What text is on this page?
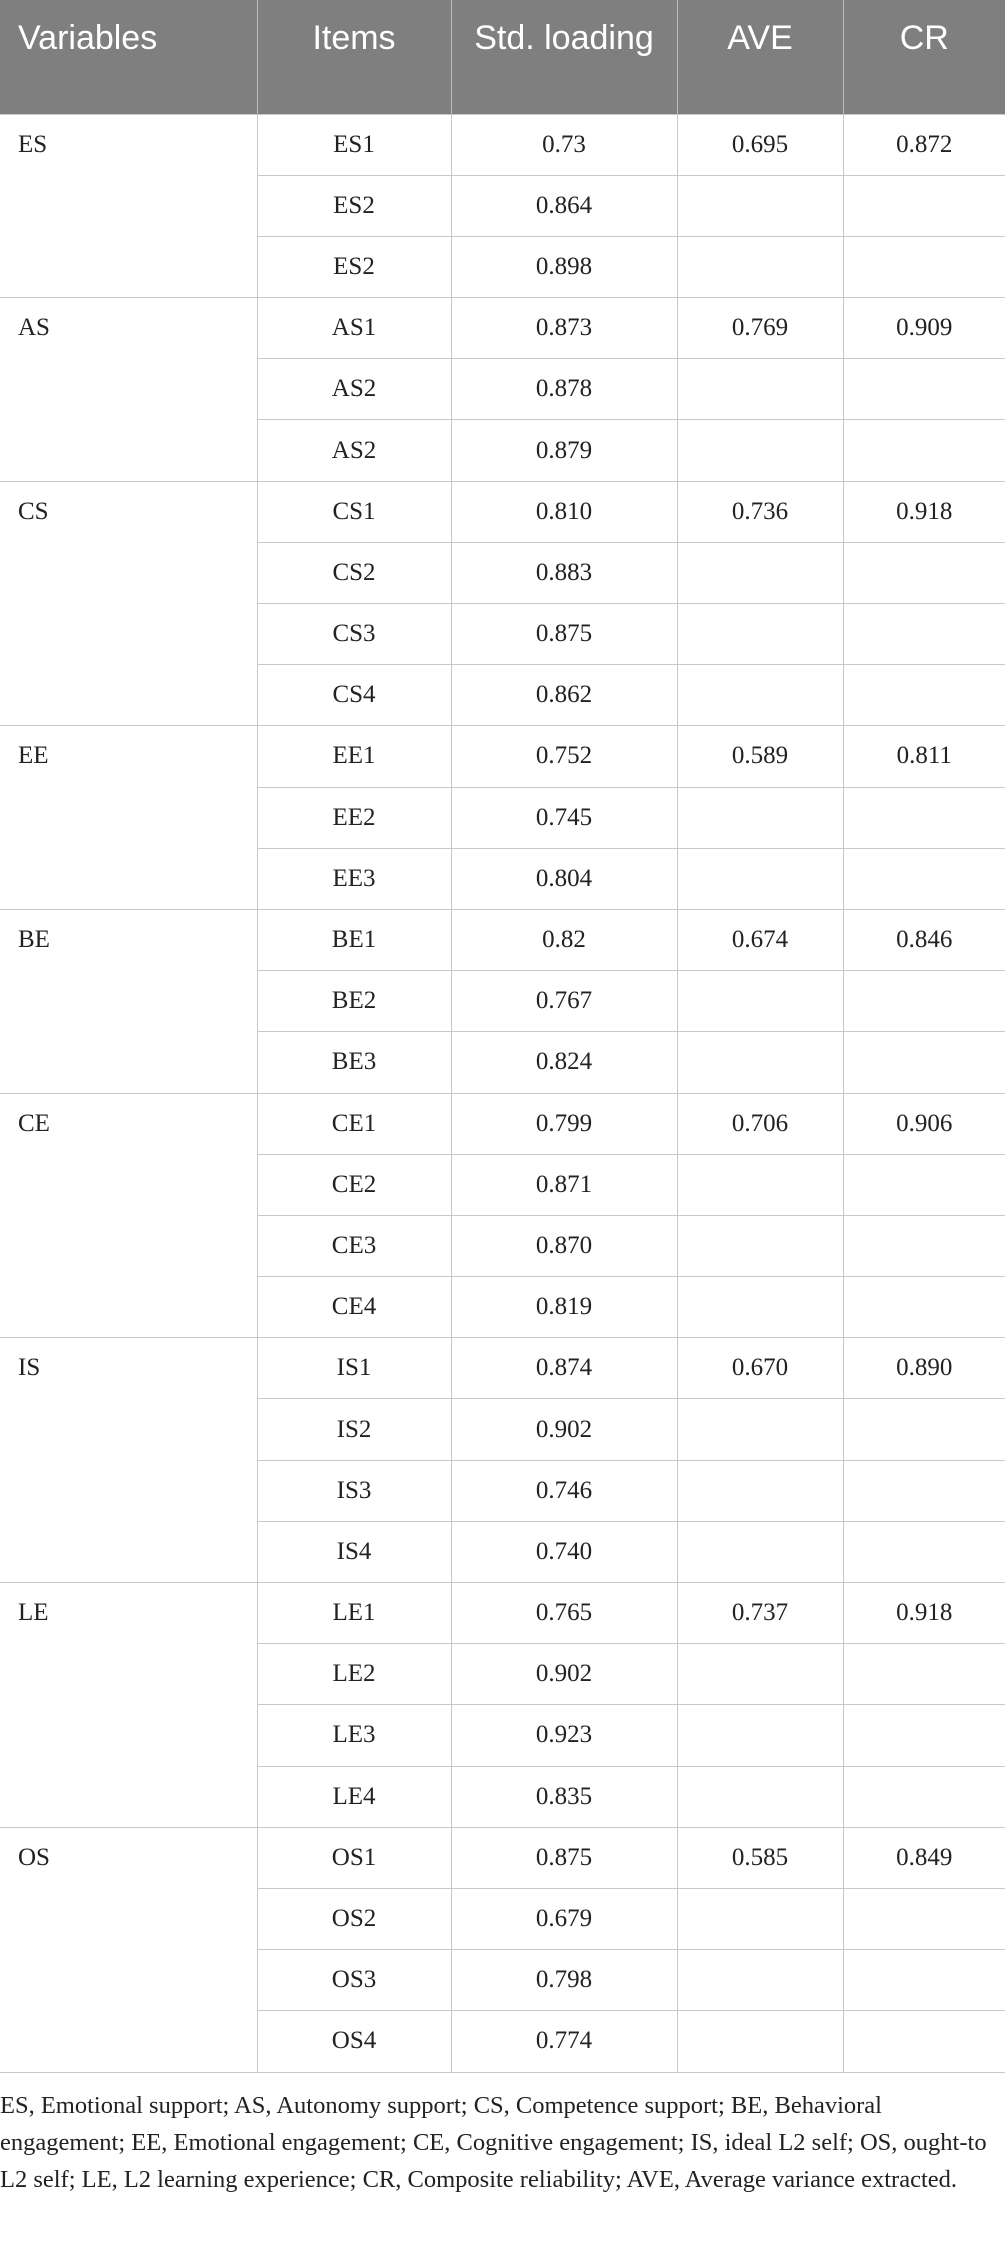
Variables	Items	Std. loading	AVE	CR
ES	ES1	0.73	0.695	0.872
	ES2	0.864		
	ES2	0.898		
AS	AS1	0.873	0.769	0.909
	AS2	0.878		
	AS2	0.879		
CS	CS1	0.810	0.736	0.918
	CS2	0.883		
	CS3	0.875		
	CS4	0.862		
EE	EE1	0.752	0.589	0.811
	EE2	0.745		
	EE3	0.804		
BE	BE1	0.82	0.674	0.846
	BE2	0.767		
	BE3	0.824		
CE	CE1	0.799	0.706	0.906
	CE2	0.871		
	CE3	0.870		
	CE4	0.819		
IS	IS1	0.874	0.670	0.890
	IS2	0.902		
	IS3	0.746		
	IS4	0.740		
LE	LE1	0.765	0.737	0.918
	LE2	0.902		
	LE3	0.923		
	LE4	0.835		
OS	OS1	0.875	0.585	0.849
	OS2	0.679		
	OS3	0.798		
	OS4	0.774		

ES, Emotional support; AS, Autonomy support; CS, Competence support; BE, Behavioral engagement; EE, Emotional engagement; CE, Cognitive engagement; IS, ideal L2 self; OS, ought-to L2 self; LE, L2 learning experience; CR, Composite reliability; AVE, Average variance extracted.
